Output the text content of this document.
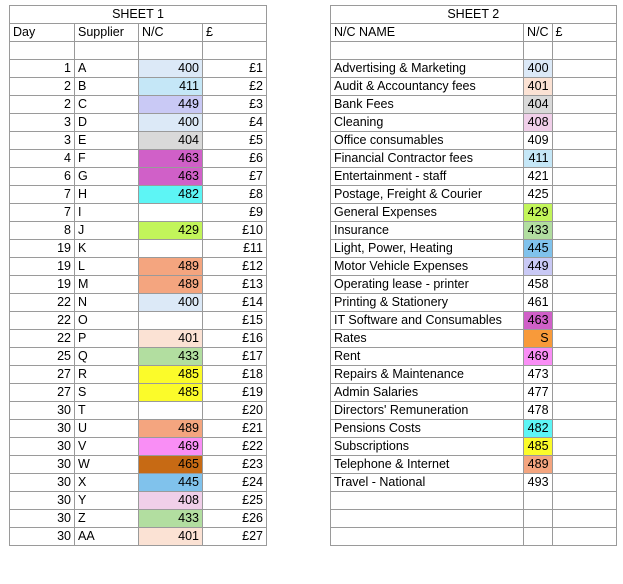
SHEET 1			
Day	Supplier	N/C	£

1	A	400	£1
2	B	411	£2
2	C	449	£3
3	D	400	£4
3	E	404	£5
4	F	463	£6
6	G	463	£7
7	H	482	£8
7	I		£9
8	J	429	£10
19	K		£11
19	L	489	£12
19	M	489	£13
22	N	400	£14
22	O		£15
22	P	401	£16
25	Q	433	£17
27	R	485	£18
27	S	485	£19
30	T		£20
30	U	489	£21
30	V	469	£22
30	W	465	£23
30	X	445	£24
30	Y	408	£25
30	Z	433	£26
30	AA	401	£27
SHEET 2		
N/C NAME	N/C	£

Advertising & Marketing	400	
Audit & Accountancy fees	401	
Bank Fees	404	
Cleaning	408	
Office consumables	409	
Financial Contractor fees	411	
Entertainment - staff	421	
Postage, Freight & Courier	425	
General Expenses	429	
Insurance	433	
Light, Power, Heating	445	
Motor Vehicle Expenses	449	
Operating lease - printer	458	
Printing & Stationery	461	
IT Software and Consumables	463	
Rates	S	
Rent	469	
Repairs & Maintenance	473	
Admin Salaries	477	
Directors' Remuneration	478	
Pensions Costs	482	
Subscriptions	485	
Telephone & Internet	489	
Travel - National	493	
